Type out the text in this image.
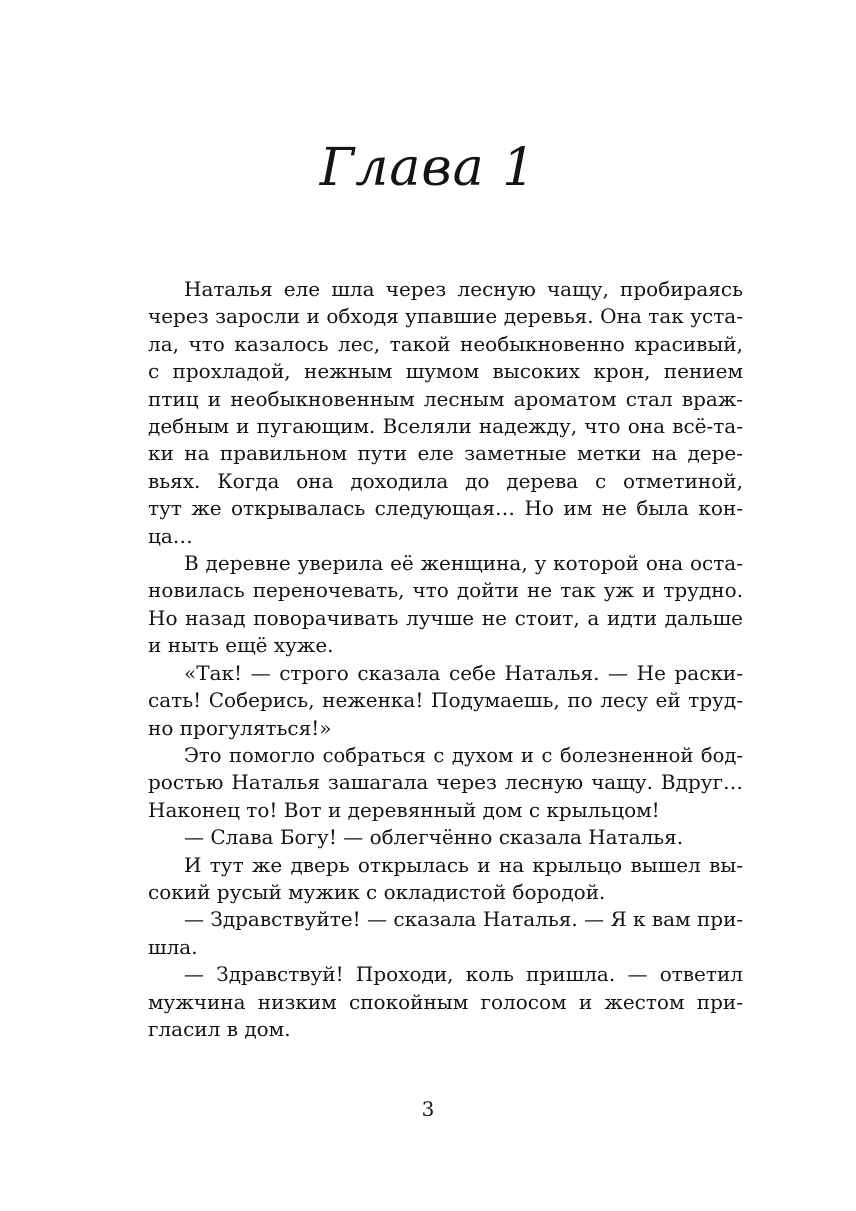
Глава 1
Наталья еле шла через лесную чащу, пробираясь
через заросли и обходя упавшие деревья. Она так уста-
ла, что казалось лес, такой необыкновенно красивый,
с прохладой, нежным шумом высоких крон, пением
птиц и необыкновенным лесным ароматом стал враж-
дебным и пугающим. Вселяли надежду, что она всё-та-
ки на правильном пути еле заметные метки на дере-
вьях. Когда она доходила до дерева с отметиной,
тут же открывалась следующая… Но им не была кон-
ца…
В деревне уверила её женщина, у которой она оста-
новилась переночевать, что дойти не так уж и трудно.
Но назад поворачивать лучше не стоит, а идти дальше
и ныть ещё хуже.
«Так! — строго сказала себе Наталья. — Не раски-
сать! Соберись, неженка! Подумаешь, по лесу ей труд-
но прогуляться!»
Это помогло собраться с духом и с болезненной бод-
ростью Наталья зашагала через лесную чащу. Вдруг…
Наконец то! Вот и деревянный дом с крыльцом!
— Слава Богу! — облегчённо сказала Наталья.
И тут же дверь открылась и на крыльцо вышел вы-
сокий русый мужик с окладистой бородой.
— Здравствуйте! — сказала Наталья. — Я к вам при-
шла.
— Здравствуй! Проходи, коль пришла. — ответил
мужчина низким спокойным голосом и жестом при-
гласил в дом.
3
